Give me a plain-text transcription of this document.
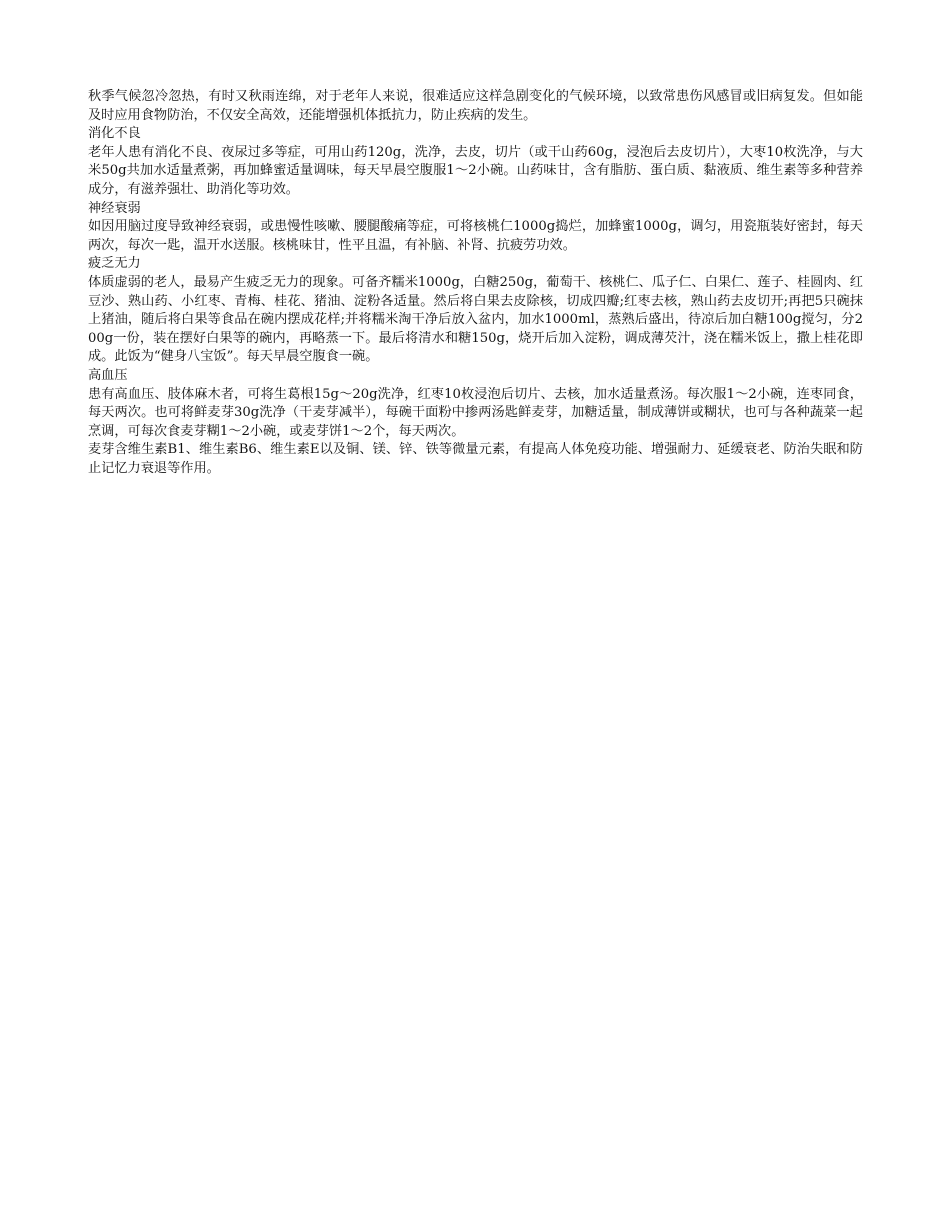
秋季气候忽冷忽热，有时又秋雨连绵，对于老年人来说，很难适应这样急剧变化的气候环境，以致常患伤风感冒或旧病复发。但如能及时应用食物防治，不仅安全高效，还能增强机体抵抗力，防止疾病的发生。

消化不良

老年人患有消化不良、夜尿过多等症，可用山药120g，洗净，去皮，切片（或干山药60g，浸泡后去皮切片），大枣10枚洗净，与大米50g共加水适量煮粥，再加蜂蜜适量调味，每天早晨空腹服1～2小碗。山药味甘，含有脂肪、蛋白质、黏液质、维生素等多种营养成分，有滋养强壮、助消化等功效。

神经衰弱

如因用脑过度导致神经衰弱，或患慢性咳嗽、腰腿酸痛等症，可将核桃仁1000g捣烂，加蜂蜜1000g，调匀，用瓷瓶装好密封，每天两次，每次一匙，温开水送服。核桃味甘，性平且温，有补脑、补肾、抗疲劳功效。

疲乏无力

体质虚弱的老人，最易产生疲乏无力的现象。可备齐糯米1000g，白糖250g，葡萄干、核桃仁、瓜子仁、白果仁、莲子、桂圆肉、红豆沙、熟山药、小红枣、青梅、桂花、猪油、淀粉各适量。然后将白果去皮除核，切成四瓣;红枣去核，熟山药去皮切开;再把5只碗抹上猪油，随后将白果等食品在碗内摆成花样;并将糯米淘干净后放入盆内，加水1000ml，蒸熟后盛出，待凉后加白糖100g搅匀，分200g一份，装在摆好白果等的碗内，再略蒸一下。最后将清水和糖150g，烧开后加入淀粉，调成薄芡汁，浇在糯米饭上，撒上桂花即成。此饭为“健身八宝饭”。每天早晨空腹食一碗。

高血压

患有高血压、肢体麻木者，可将生葛根15g～20g洗净，红枣10枚浸泡后切片、去核，加水适量煮汤。每次服1～2小碗，连枣同食，每天两次。也可将鲜麦芽30g洗净（干麦芽减半），每碗干面粉中掺两汤匙鲜麦芽，加糖适量，制成薄饼或糊状，也可与各种蔬菜一起烹调，可每次食麦芽糊1～2小碗，或麦芽饼1～2个，每天两次。

麦芽含维生素B1、维生素B6、维生素E以及铜、镁、锌、铁等微量元素，有提高人体免疫功能、增强耐力、延缓衰老、防治失眠和防止记忆力衰退等作用。
